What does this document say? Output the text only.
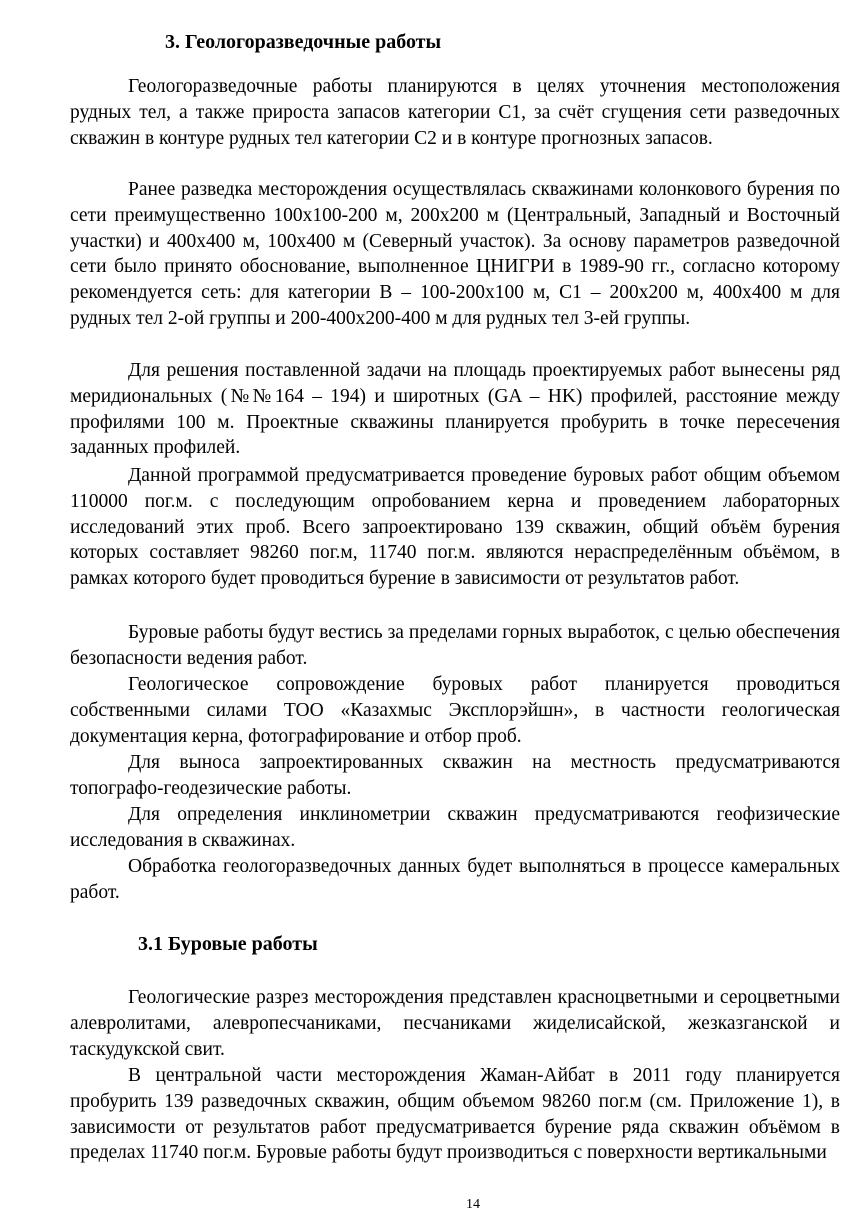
3. Геологоразведочные работы

Геологоразведочные работы планируются в целях уточнения местоположения рудных тел, а также прироста запасов категории С1, за счёт сгущения сети разведочных скважин в контуре рудных тел категории С2 и в контуре прогнозных запасов.

Ранее разведка месторождения осуществлялась скважинами колонкового бурения по сети преимущественно 100х100-200 м, 200х200 м (Центральный, Западный и Восточный участки) и 400х400 м, 100х400 м (Северный участок). За основу параметров разведочной сети было принято обоснование, выполненное ЦНИГРИ в 1989-90 гг., согласно которому рекомендуется сеть: для категории В – 100-200х100 м, С1 – 200х200 м, 400х400 м для рудных тел 2-ой группы и 200-400х200-400 м для рудных тел 3-ей группы.

Для решения поставленной задачи на площадь проектируемых работ вынесены ряд меридиональных (№№164 – 194) и широтных (GA – HK) профилей, расстояние между профилями 100 м. Проектные скважины планируется пробурить в точке пересечения заданных профилей.

Данной программой предусматривается проведение буровых работ общим объемом 110000 пог.м. с последующим опробованием керна и проведением лабораторных исследований этих проб. Всего запроектировано 139 скважин, общий объём бурения которых составляет 98260 пог.м, 11740 пог.м. являются нераспределённым объёмом, в рамках которого будет проводиться бурение в зависимости от результатов работ.

Буровые работы будут вестись за пределами горных выработок, с целью обеспечения безопасности ведения работ.

Геологическое сопровождение буровых работ планируется проводиться собственными силами ТОО «Казахмыс Эксплорэйшн», в частности геологическая документация керна, фотографирование и отбор проб.

Для выноса запроектированных скважин на местность предусматриваются топографо-геодезические работы.

Для определения инклинометрии скважин предусматриваются геофизические исследования в скважинах.

Обработка геологоразведочных данных будет выполняться в процессе камеральных работ.

3.1 Буровые работы

Геологические разрез месторождения представлен красноцветными и сероцветными алевролитами, алевропесчаниками, песчаниками жиделисайской, жезказганской и таскудукской свит.

В центральной части месторождения Жаман-Айбат в 2011 году планируется пробурить 139 разведочных скважин, общим объемом 98260 пог.м (см. Приложение 1), в зависимости от результатов работ предусматривается бурение ряда скважин объёмом в пределах 11740 пог.м. Буровые работы будут производиться с поверхности вертикальными

14
